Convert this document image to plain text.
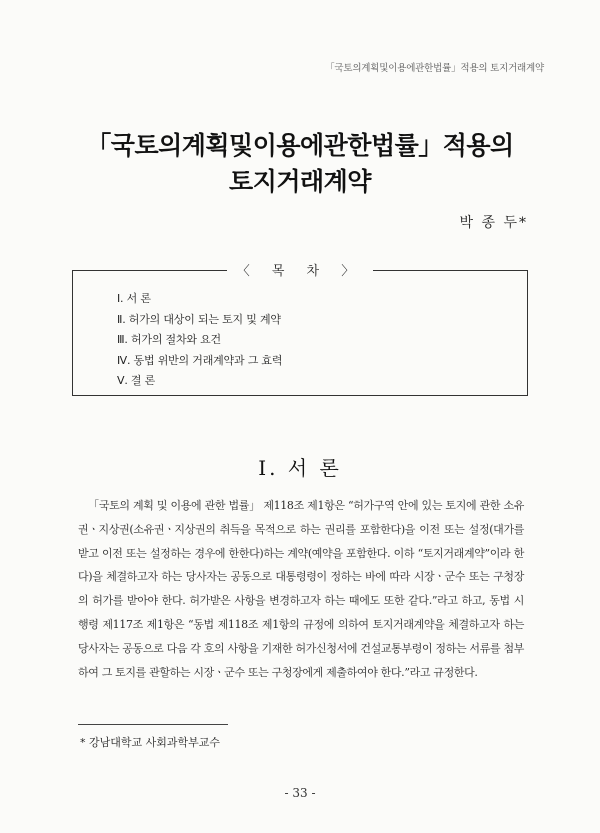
「국토의계획및이용에관한법률」적용의 토지거래계약
「국토의계획및이용에관한법률」적용의
토지거래계약
박 종 두*
〈 목 차 〉
Ⅰ. 서 론
Ⅱ. 허가의 대상이 되는 토지 및 계약
Ⅲ. 허가의 절차와 요건
Ⅳ. 동법 위반의 거래계약과 그 효력
Ⅴ. 결 론
Ⅰ. 서 론

「국토의 계획 및 이용에 관한 법률」 제118조 제1항은 “허가구역 안에 있는 토지에 관한 소유권ㆍ지상권(소유권ㆍ지상권의 취득을 목적으로 하는 권리를 포함한다)을 이전 또는 설정(대가를 받고 이전 또는 설정하는 경우에 한한다)하는 계약(예약을 포함한다. 이하 “토지거래계약”이라 한다)을 체결하고자 하는 당사자는 공동으로 대통령령이 정하는 바에 따라 시장ㆍ군수 또는 구청장의 허가를 받아야 한다. 허가받은 사항을 변경하고자 하는 때에도 또한 같다.”라고 하고, 동법 시행령 제117조 제1항은 “동법 제118조 제1항의 규정에 의하여 토지거래계약을 체결하고자 하는 당사자는 공동으로 다음 각 호의 사항을 기재한 허가신청서에 건설교통부령이 정하는 서류를 첨부하여 그 토지를 관할하는 시장ㆍ군수 또는 구청장에게 제출하여야 한다.”라고 규정한다.

* 강남대학교 사회과학부교수
- 33 -
